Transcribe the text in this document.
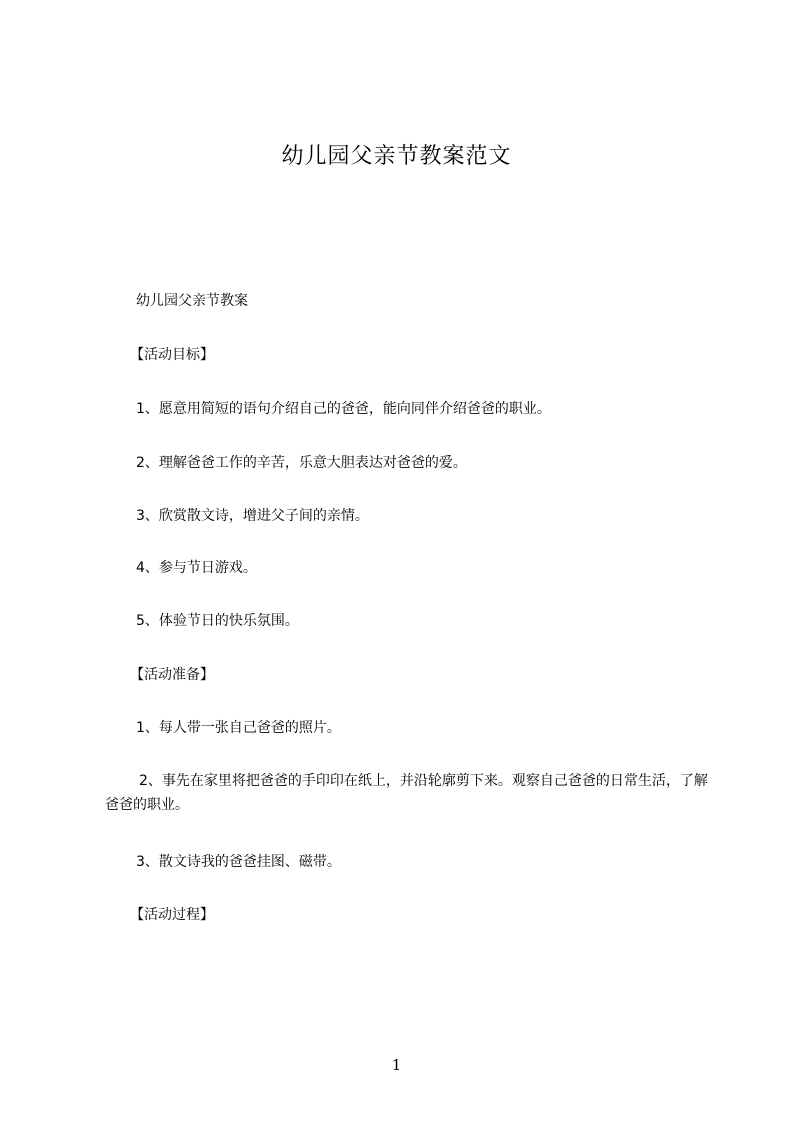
幼儿园父亲节教案范文
幼儿园父亲节教案
【活动目标】
1、愿意用简短的语句介绍自己的爸爸，能向同伴介绍爸爸的职业。
2、理解爸爸工作的辛苦，乐意大胆表达对爸爸的爱。
3、欣赏散文诗，增进父子间的亲情。
4、参与节日游戏。
5、体验节日的快乐氛围。
【活动准备】
1、每人带一张自己爸爸的照片。
2、事先在家里将把爸爸的手印印在纸上，并沿轮廓剪下来。观察自己爸爸的日常生活，了解爸爸的职业。
3、散文诗我的爸爸挂图、磁带。
【活动过程】
1
